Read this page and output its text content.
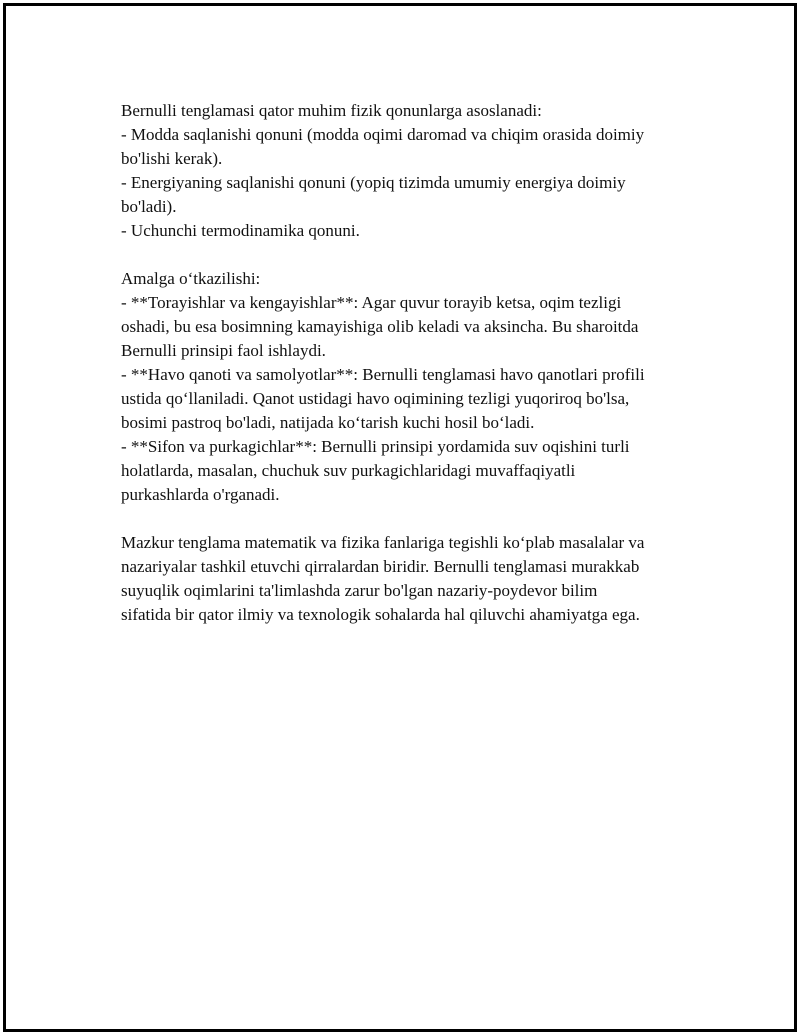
Bernulli tenglamasi qator muhim fizik qonunlarga asoslanadi:
- Modda saqlanishi qonuni (modda oqimi daromad va chiqim orasida doimiy
bo'lishi kerak).
- Energiyaning saqlanishi qonuni (yopiq tizimda umumiy energiya doimiy
bo'ladi).
- Uchunchi termodinamika qonuni.

Amalga oʻtkazilishi:
- **Torayishlar va kengayishlar**: Agar quvur torayib ketsa, oqim tezligi
oshadi, bu esa bosimning kamayishiga olib keladi va aksincha. Bu sharoitda
Bernulli prinsipi faol ishlaydi.
- **Havo qanoti va samolyotlar**: Bernulli tenglamasi havo qanotlari profili
ustida qoʻllaniladi. Qanot ustidagi havo oqimining tezligi yuqoriroq bo'lsa,
bosimi pastroq bo'ladi, natijada koʻtarish kuchi hosil boʻladi.
- **Sifon va purkagichlar**: Bernulli prinsipi yordamida suv oqishini turli
holatlarda, masalan, chuchuk suv purkagichlaridagi muvaffaqiyatli
purkashlarda o'rganadi.

Mazkur tenglama matematik va fizika fanlariga tegishli koʻplab masalalar va
nazariyalar tashkil etuvchi qirralardan biridir. Bernulli tenglamasi murakkab
suyuqlik oqimlarini ta'limlashda zarur bo'lgan nazariy-poydevor bilim
sifatida bir qator ilmiy va texnologik sohalarda hal qiluvchi ahamiyatga ega.
